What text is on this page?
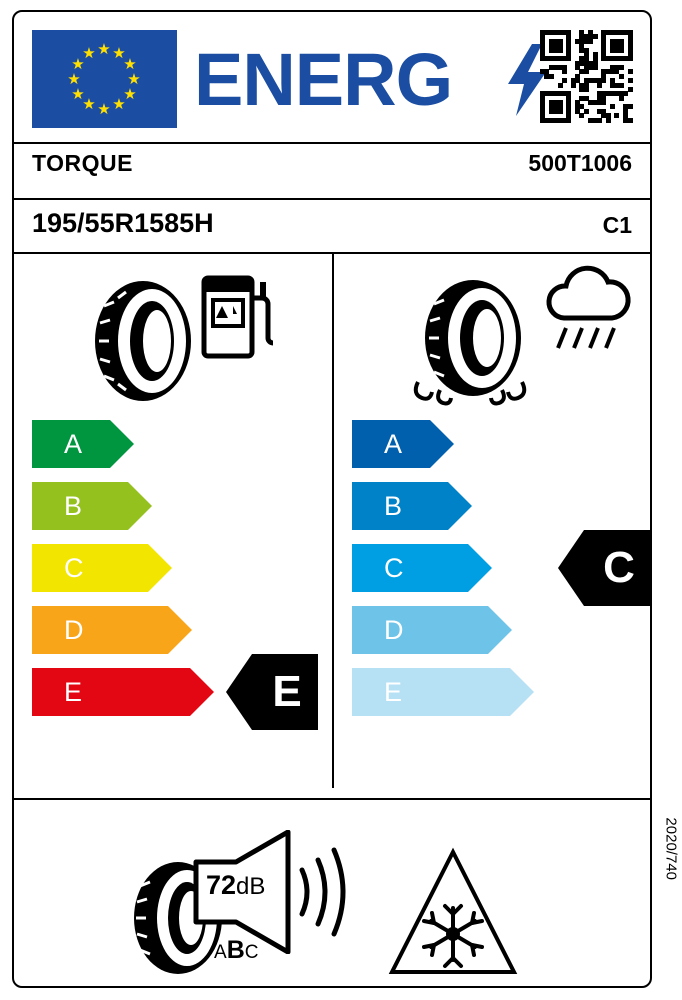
★ ★
★
★
★
★
★
★
★
★
★
★ ENERG
TORQUE	500T1006
195/55R1585H	C1
A
B
C
D
E	E
A
B
C
D
E
C
72dB
ABC
2020/740
